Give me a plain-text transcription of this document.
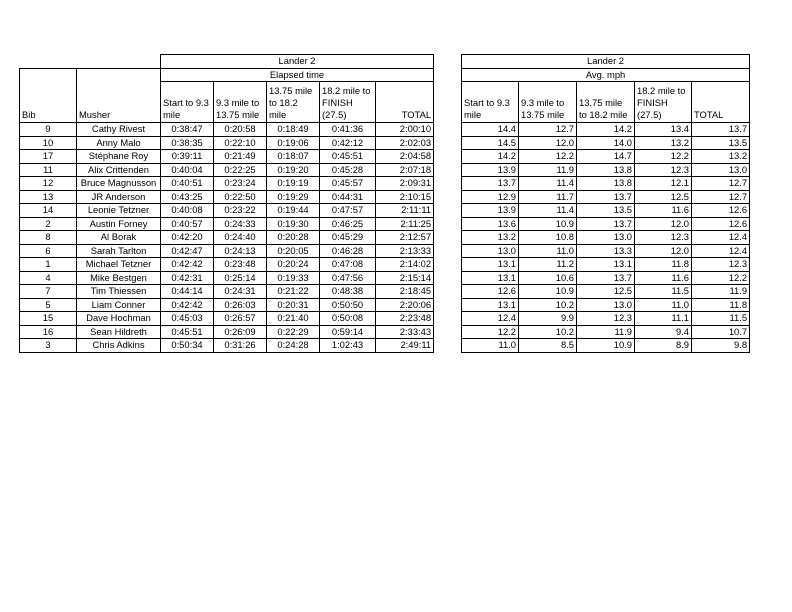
		Lander 2				
		Elapsed time				
Bib	Musher	Start to 9.3 mile	9.3 mile to 13.75 mile	13.75 mile to 18.2 mile	18.2 mile to FINISH (27.5)	TOTAL
9	Cathy Rivest	0:38:47	0:20:58	0:18:49	0:41:36	2:00:10
10	Anny Malo	0:38:35	0:22:10	0:19:06	0:42:12	2:02:03
17	Stéphane Roy	0:39:11	0:21:49	0:18:07	0:45:51	2:04:58
11	Alix Crittenden	0:40:04	0:22:25	0:19:20	0:45:28	2:07:18
12	Bruce Magnusson	0:40:51	0:23:24	0:19:19	0:45:57	2:09:31
13	JR Anderson	0:43:25	0:22:50	0:19:29	0:44:31	2:10:15
14	Leonie Tetzner	0:40:08	0:23:22	0:19:44	0:47:57	2:11:11
2	Austin Forney	0:40:57	0:24:33	0:19:30	0:46:25	2:11:25
8	Al Borak	0:42:20	0:24:40	0:20:28	0:45:29	2:12:57
6	Sarah Tarlton	0:42:47	0:24:13	0:20:05	0:46:28	2:13:33
1	Michael Tetzner	0:42:42	0:23:48	0:20:24	0:47:08	2:14:02
4	Mike Bestgen	0:42:31	0:25:14	0:19:33	0:47:56	2:15:14
7	Tim Thiessen	0:44:14	0:24:31	0:21:22	0:48:38	2:18:45
5	Liam Conner	0:42:42	0:26:03	0:20:31	0:50:50	2:20:06
15	Dave Hochman	0:45:03	0:26:57	0:21:40	0:50:08	2:23:48
16	Sean Hildreth	0:45:51	0:26:09	0:22:29	0:59:14	2:33:43
3	Chris Adkins	0:50:34	0:31:26	0:24:28	1:02:43	2:49:11
Lander 2				
Avg. mph				
Start to 9.3 mile	9.3 mile to 13.75 mile	13.75 mile to 18.2 mile	18.2 mile to FINISH (27.5)	TOTAL
14.4	12.7	14.2	13.4	13.7
14.5	12.0	14.0	13.2	13.5
14.2	12.2	14.7	12.2	13.2
13.9	11.9	13.8	12.3	13.0
13.7	11.4	13.8	12.1	12.7
12.9	11.7	13.7	12.5	12.7
13.9	11.4	13.5	11.6	12.6
13.6	10.9	13.7	12.0	12.6
13.2	10.8	13.0	12.3	12.4
13.0	11.0	13.3	12.0	12.4
13.1	11.2	13.1	11.8	12.3
13.1	10.6	13.7	11.6	12.2
12.6	10.9	12.5	11.5	11.9
13.1	10.2	13.0	11.0	11.8
12.4	9.9	12.3	11.1	11.5
12.2	10.2	11.9	9.4	10.7
11.0	8.5	10.9	8.9	9.8
